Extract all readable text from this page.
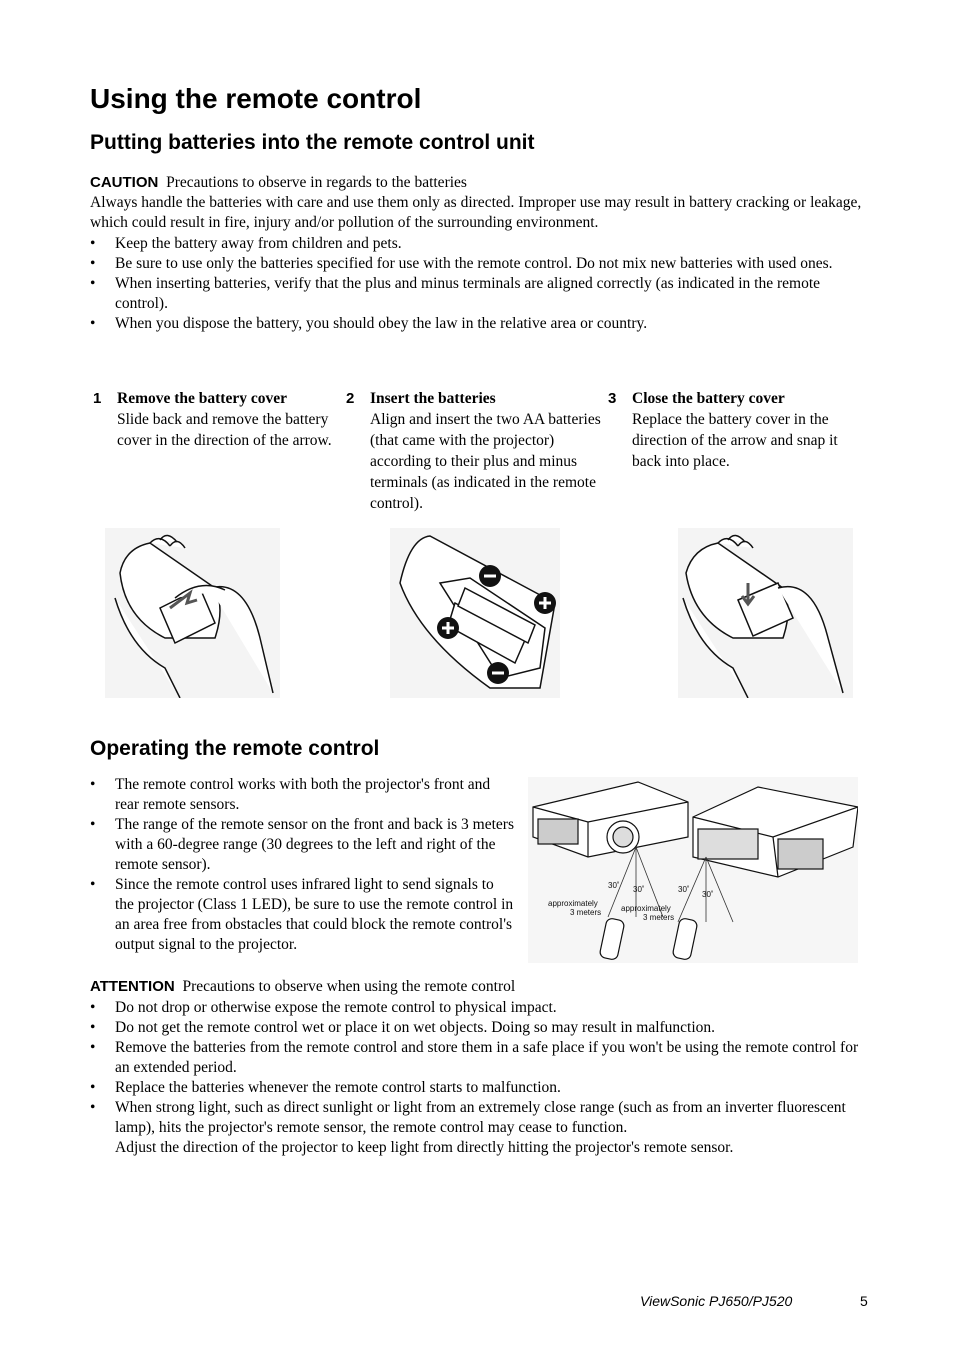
Using the remote control
Putting batteries into the remote control unit
CAUTION Precautions to observe in regards to the batteries
Always handle the batteries with care and use them only as directed. Improper use may result in battery cracking or leakage, which could result in fire, injury and/or pollution of the surrounding environment.
• Keep the battery away from children and pets.
• Be sure to use only the batteries specified for use with the remote control. Do not mix new batteries with used ones.
• When inserting batteries, verify that the plus and minus terminals are aligned correctly (as indicated in the remote control).
• When you dispose the battery, you should obey the law in the relative area or country.
1 Remove the battery cover
Slide back and remove the battery cover in the direction of the arrow.
2 Insert the batteries
Align and insert the two AA batteries (that came with the projector) according to their plus and minus terminals (as indicated in the remote control).
3 Close the battery cover
Replace the battery cover in the direction of the arrow and snap it back into place.
Operating the remote control
• The remote control works with both the projector's front and rear remote sensors.
• The range of the remote sensor on the front and back is 3 meters with a 60-degree range (30 degrees to the left and right of the remote sensor).
• Since the remote control uses infrared light to send signals to the projector (Class 1 LED), be sure to use the remote control in an area free from obstacles that could block the remote control's output signal to the projector.
30˚ 30˚	30˚
30˚
approximately
3 meters approximately
3 meters
ATTENTION Precautions to observe when using the remote control
• Do not drop or otherwise expose the remote control to physical impact.
• Do not get the remote control wet or place it on wet objects. Doing so may result in malfunction.
• Remove the batteries from the remote control and store them in a safe place if you won't be using the remote control for an extended period.
• Replace the batteries whenever the remote control starts to malfunction.
• When strong light, such as direct sunlight or light from an extremely close range (such as from an inverter fluorescent lamp), hits the projector's remote sensor, the remote control may cease to function.
Adjust the direction of the projector to keep light from directly hitting the projector's remote sensor.
ViewSonic PJ650/PJ520	5
